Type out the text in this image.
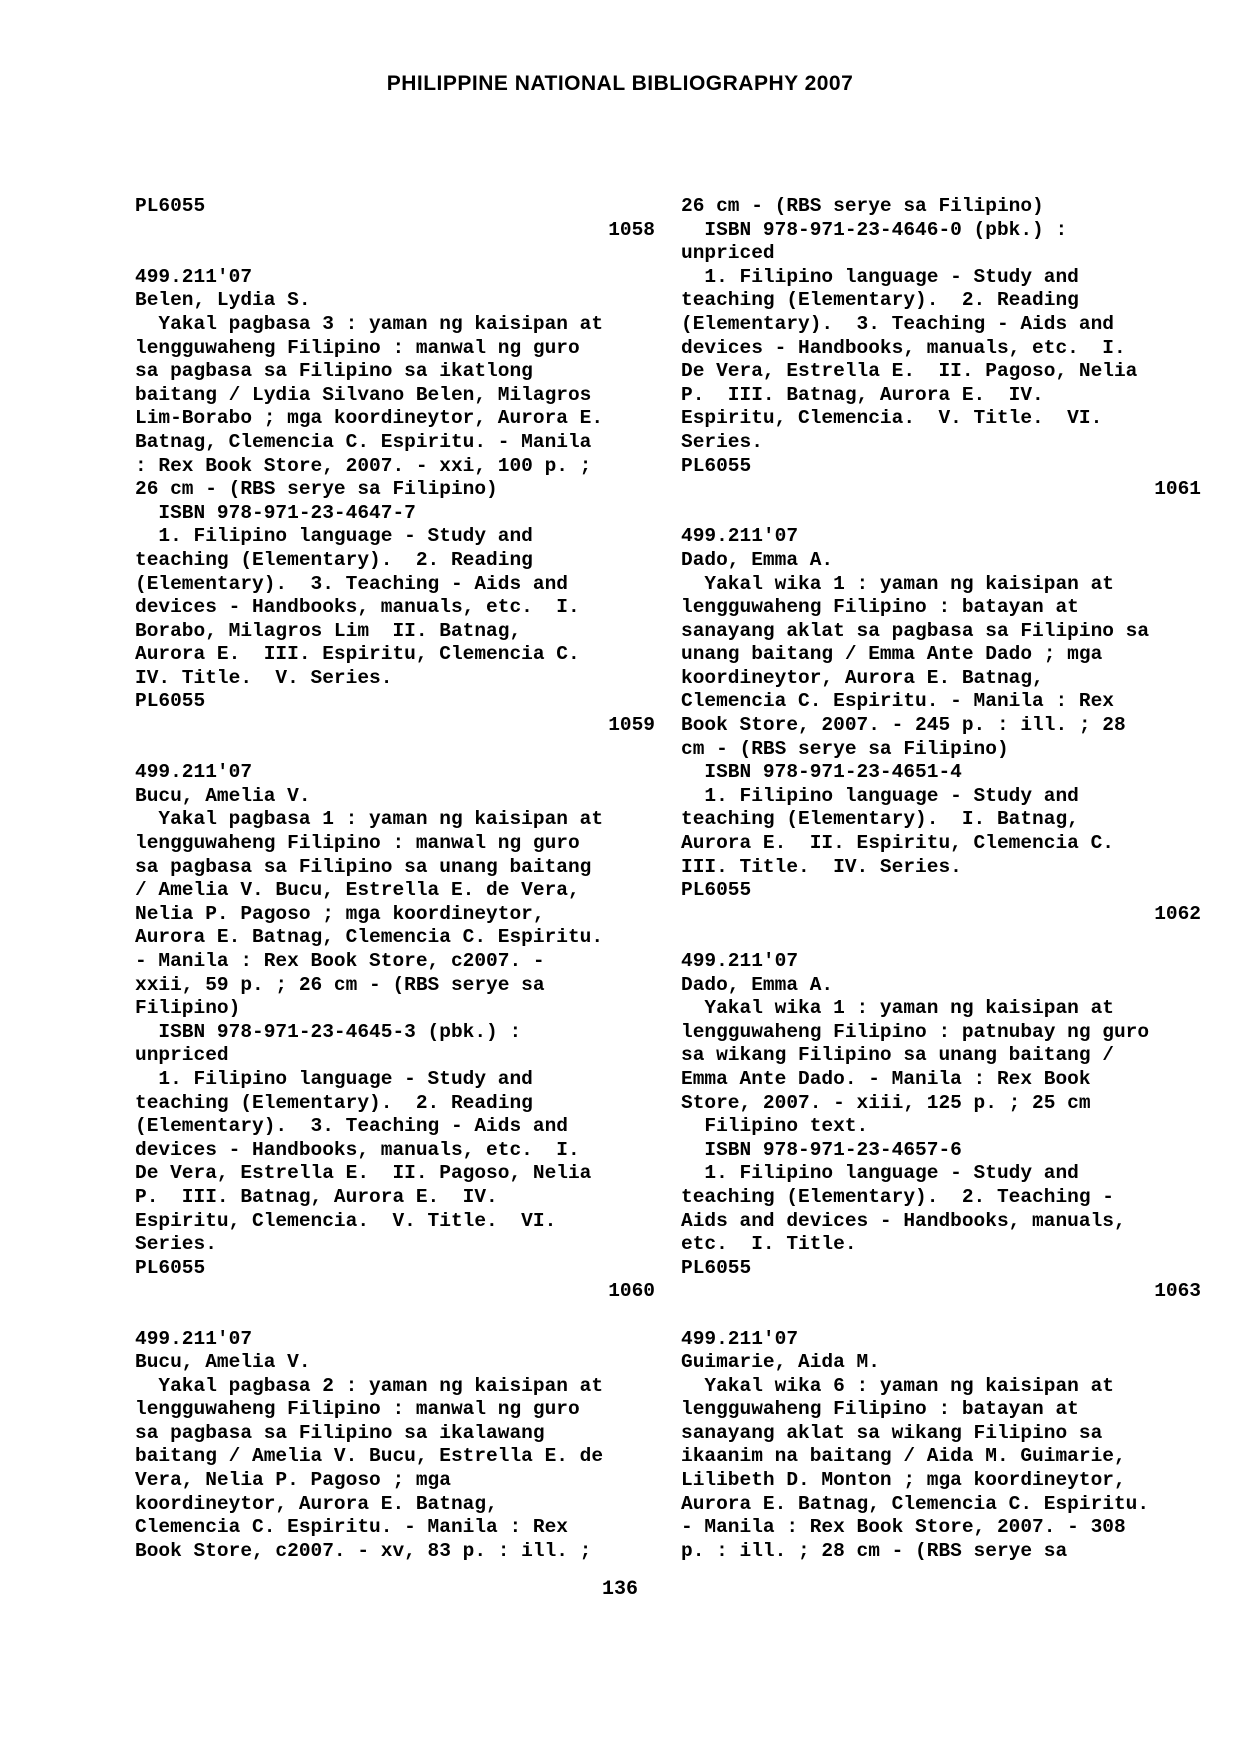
PHILIPPINE NATIONAL BIBLIOGRAPHY 2007
PL6055
1058
499.211'07
Belen, Lydia S.
Yakal pagbasa 3 : yaman ng kaisipan at
lengguwaheng Filipino : manwal ng guro
sa pagbasa sa Filipino sa ikatlong
baitang / Lydia Silvano Belen, Milagros
Lim-Borabo ; mga koordineytor, Aurora E.
Batnag, Clemencia C. Espiritu. - Manila
: Rex Book Store, 2007. - xxi, 100 p. ;
26 cm - (RBS serye sa Filipino)
ISBN 978-971-23-4647-7
1. Filipino language - Study and
teaching (Elementary).  2. Reading
(Elementary).  3. Teaching - Aids and
devices - Handbooks, manuals, etc.  I.
Borabo, Milagros Lim  II. Batnag,
Aurora E.  III. Espiritu, Clemencia C.
IV. Title.  V. Series.
PL6055
1059
499.211'07
Bucu, Amelia V.
Yakal pagbasa 1 : yaman ng kaisipan at
lengguwaheng Filipino : manwal ng guro
sa pagbasa sa Filipino sa unang baitang
/ Amelia V. Bucu, Estrella E. de Vera,
Nelia P. Pagoso ; mga koordineytor,
Aurora E. Batnag, Clemencia C. Espiritu.
- Manila : Rex Book Store, c2007. -
xxii, 59 p. ; 26 cm - (RBS serye sa
Filipino)
ISBN 978-971-23-4645-3 (pbk.) :
unpriced
1. Filipino language - Study and
teaching (Elementary).  2. Reading
(Elementary).  3. Teaching - Aids and
devices - Handbooks, manuals, etc.  I.
De Vera, Estrella E.  II. Pagoso, Nelia
P.  III. Batnag, Aurora E.  IV.
Espiritu, Clemencia.  V. Title.  VI.
Series.
PL6055
1060
499.211'07
Bucu, Amelia V.
Yakal pagbasa 2 : yaman ng kaisipan at
lengguwaheng Filipino : manwal ng guro
sa pagbasa sa Filipino sa ikalawang
baitang / Amelia V. Bucu, Estrella E. de
Vera, Nelia P. Pagoso ; mga
koordineytor, Aurora E. Batnag,
Clemencia C. Espiritu. - Manila : Rex
Book Store, c2007. - xv, 83 p. : ill. ;
26 cm - (RBS serye sa Filipino)
ISBN 978-971-23-4646-0 (pbk.) :
unpriced
1. Filipino language - Study and
teaching (Elementary).  2. Reading
(Elementary).  3. Teaching - Aids and
devices - Handbooks, manuals, etc.  I.
De Vera, Estrella E.  II. Pagoso, Nelia
P.  III. Batnag, Aurora E.  IV.
Espiritu, Clemencia.  V. Title.  VI.
Series.
PL6055
1061
499.211'07
Dado, Emma A.
Yakal wika 1 : yaman ng kaisipan at
lengguwaheng Filipino : batayan at
sanayang aklat sa pagbasa sa Filipino sa
unang baitang / Emma Ante Dado ; mga
koordineytor, Aurora E. Batnag,
Clemencia C. Espiritu. - Manila : Rex
Book Store, 2007. - 245 p. : ill. ; 28
cm - (RBS serye sa Filipino)
ISBN 978-971-23-4651-4
1. Filipino language - Study and
teaching (Elementary).  I. Batnag,
Aurora E.  II. Espiritu, Clemencia C.
III. Title.  IV. Series.
PL6055
1062
499.211'07
Dado, Emma A.
Yakal wika 1 : yaman ng kaisipan at
lengguwaheng Filipino : patnubay ng guro
sa wikang Filipino sa unang baitang /
Emma Ante Dado. - Manila : Rex Book
Store, 2007. - xiii, 125 p. ; 25 cm
Filipino text.
ISBN 978-971-23-4657-6
1. Filipino language - Study and
teaching (Elementary).  2. Teaching -
Aids and devices - Handbooks, manuals,
etc.  I. Title.
PL6055
1063
499.211'07
Guimarie, Aida M.
Yakal wika 6 : yaman ng kaisipan at
lengguwaheng Filipino : batayan at
sanayang aklat sa wikang Filipino sa
ikaanim na baitang / Aida M. Guimarie,
Lilibeth D. Monton ; mga koordineytor,
Aurora E. Batnag, Clemencia C. Espiritu.
- Manila : Rex Book Store, 2007. - 308
p. : ill. ; 28 cm - (RBS serye sa
136
